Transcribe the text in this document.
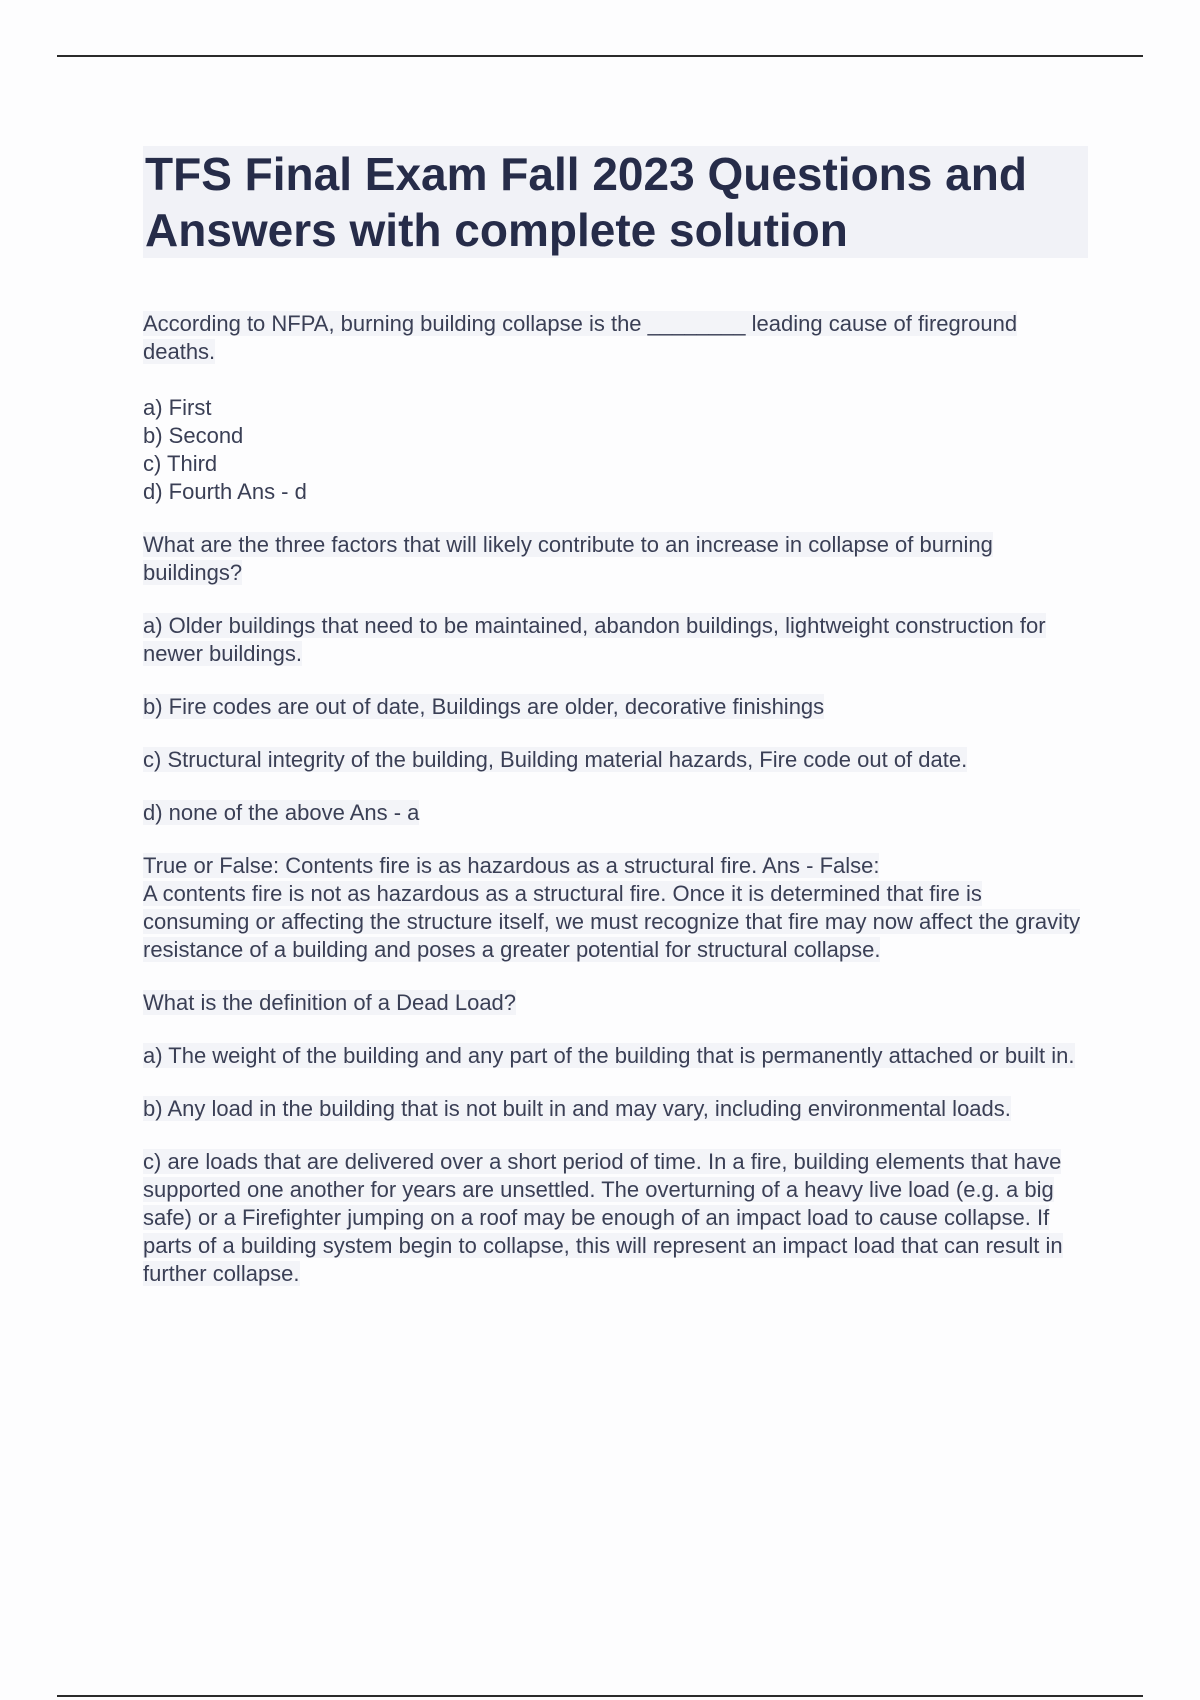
TFS Final Exam Fall 2023 Questions and Answers with complete solution

According to NFPA, burning building collapse is the ________ leading cause of fireground deaths.

a) First
b) Second
c) Third
d) Fourth Ans - d

What are the three factors that will likely contribute to an increase in collapse of burning buildings?

a) Older buildings that need to be maintained, abandon buildings, lightweight construction for newer buildings.

b) Fire codes are out of date, Buildings are older, decorative finishings

c) Structural integrity of the building, Building material hazards, Fire code out of date.

d) none of the above Ans - a

True or False: Contents fire is as hazardous as a structural fire. Ans - False:

A contents fire is not as hazardous as a structural fire. Once it is determined that fire is consuming or affecting the structure itself, we must recognize that fire may now affect the gravity resistance of a building and poses a greater potential for structural collapse.

What is the definition of a Dead Load?

a) The weight of the building and any part of the building that is permanently attached or built in.

b) Any load in the building that is not built in and may vary, including environmental loads.

c) are loads that are delivered over a short period of time. In a fire, building elements that have supported one another for years are unsettled. The overturning of a heavy live load (e.g. a big safe) or a Firefighter jumping on a roof may be enough of an impact load to cause collapse. If parts of a building system begin to collapse, this will represent an impact load that can result in further collapse.
